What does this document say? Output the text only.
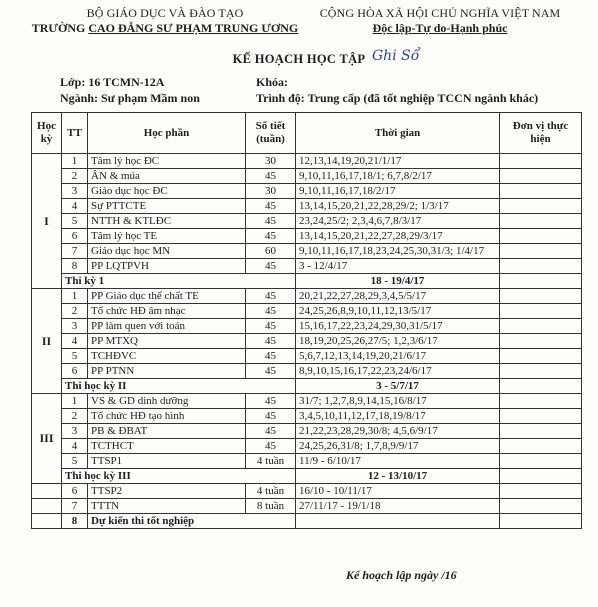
BỘ GIÁO DỤC VÀ ĐÀO TẠO
TRƯỜNG CAO ĐẲNG SƯ PHẠM TRUNG ƯƠNG
CỘNG HÒA XÃ HỘI CHỦ NGHĨA VIỆT NAM
Độc lập-Tự do-Hạnh phúc
KẾ HOẠCH HỌC TẬP Ghi Sổ
Lớp: 16 TCMN-12A
Ngành: Sư phạm Mầm non
Khóa:
Trình độ: Trung cấp (đã tốt nghiệp TCCN ngành khác)
Học kỳ	TT	Học phần	Số tiết (tuần)	Thời gian	Đơn vị thực hiện
I	1	Tâm lý học ĐC	30	12,13,14,19,20,21/1/17	
	2	ÂN & múa	45	9,10,11,16,17,18/1; 6,7,8/2/17	
	3	Giáo dục học ĐC	30	9,10,11,16,17,18/2/17	
	4	Sự PTTCTE	45	13,14,15,20,21,22,28,29/2; 1/3/17	
	5	NTTH & KTLĐC	45	23,24,25/2; 2,3,4,6,7,8/3/17	
	6	Tâm lý học TE	45	13,14,15,20,21,22,27,28,29/3/17	
	7	Giáo dục học MN	60	9,10,11,16,17,18,23,24,25,30,31/3; 1/4/17	
	8	PP LQTPVH	45	3 - 12/4/17	
	Thi kỳ 1			18 - 19/4/17	
II	1	PP Giáo dục thể chất TE	45	20,21,22,27,28,29,3,4,5/5/17	
	2	Tổ chức HĐ âm nhạc	45	24,25,26,8,9,10,11,12,13/5/17	
	3	PP làm quen với toán	45	15,16,17,22,23,24,29,30,31/5/17	
	4	PP MTXQ	45	18,19,20,25,26,27/5; 1,2,3/6/17	
	5	TCHĐVC	45	5,6,7,12,13,14,19,20,21/6/17	
	6	PP PTNN	45	8,9,10,15,16,17,22,23,24/6/17	
	Thi học kỳ II			3 - 5/7/17	
III	1	VS & GD dinh dưỡng	45	31/7; 1,2,7,8,9,14,15,16/8/17	
	2	Tổ chức HĐ tạo hình	45	3,4,5,10,11,12,17,18,19/8/17	
	3	PB & ĐBAT	45	21,22,23,28,29,30/8; 4,5,6/9/17	
	4	TCTHCT	45	24,25,26,31/8; 1,7,8,9/9/17	
	5	TTSP1	4 tuần	11/9 - 6/10/17	
	Thi học kỳ III			12 - 13/10/17	
	6	TTSP2	4 tuần	16/10 - 10/11/17	
	7	TTTN	8 tuần	27/11/17 - 19/1/18	
	8	Dự kiến thi tốt nghiệp			
Kế hoạch lập ngày /16
